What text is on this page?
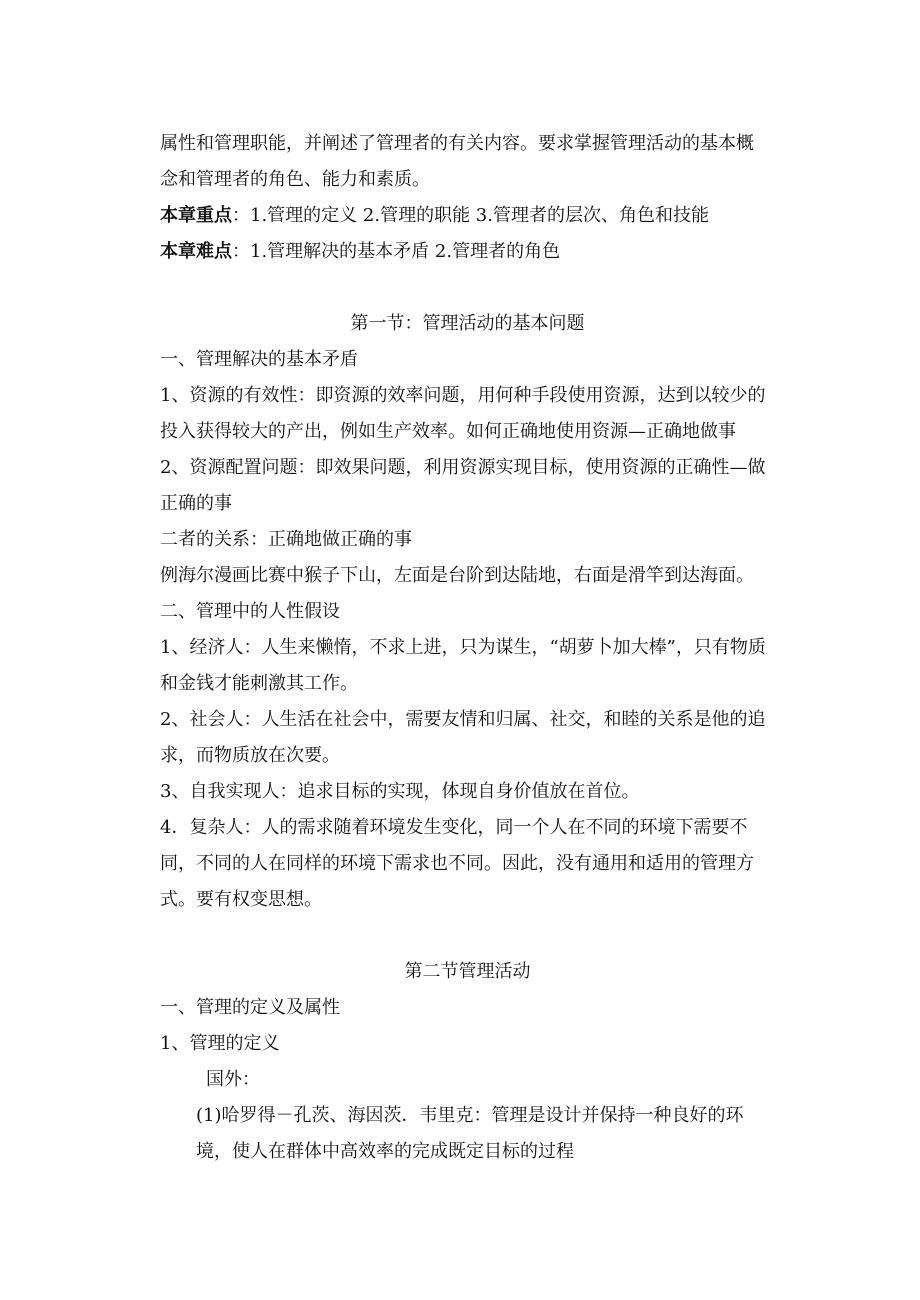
属性和管理职能，并阐述了管理者的有关内容。要求掌握管理活动的基本概

念和管理者的角色、能力和素质。

本章重点：1.管理的定义 2.管理的职能 3.管理者的层次、角色和技能

本章难点：1.管理解决的基本矛盾 2.管理者的角色

第一节：管理活动的基本问题

一、管理解决的基本矛盾

1、资源的有效性：即资源的效率问题，用何种手段使用资源，达到以较少的投入获得较大的产出，例如生产效率。如何正确地使用资源—正确地做事

2、资源配置问题：即效果问题，利用资源实现目标，使用资源的正确性—做正确的事

二者的关系：正确地做正确的事

例海尔漫画比赛中猴子下山，左面是台阶到达陆地，右面是滑竿到达海面。

二、管理中的人性假设

1、经济人：人生来懒惰，不求上进，只为谋生，“胡萝卜加大棒”，只有物质和金钱才能刺激其工作。

2、社会人：人生活在社会中，需要友情和归属、社交，和睦的关系是他的追求，而物质放在次要。

3、自我实现人：追求目标的实现，体现自身价值放在首位。

4．复杂人：人的需求随着环境发生变化，同一个人在不同的环境下需要不同，不同的人在同样的环境下需求也不同。因此，没有通用和适用的管理方式。要有权变思想。

第二节管理活动

一、管理的定义及属性

1、管理的定义

国外：

(1)哈罗得－孔茨、海因茨．韦里克：管理是设计并保持一种良好的环

境，使人在群体中高效率的完成既定目标的过程
